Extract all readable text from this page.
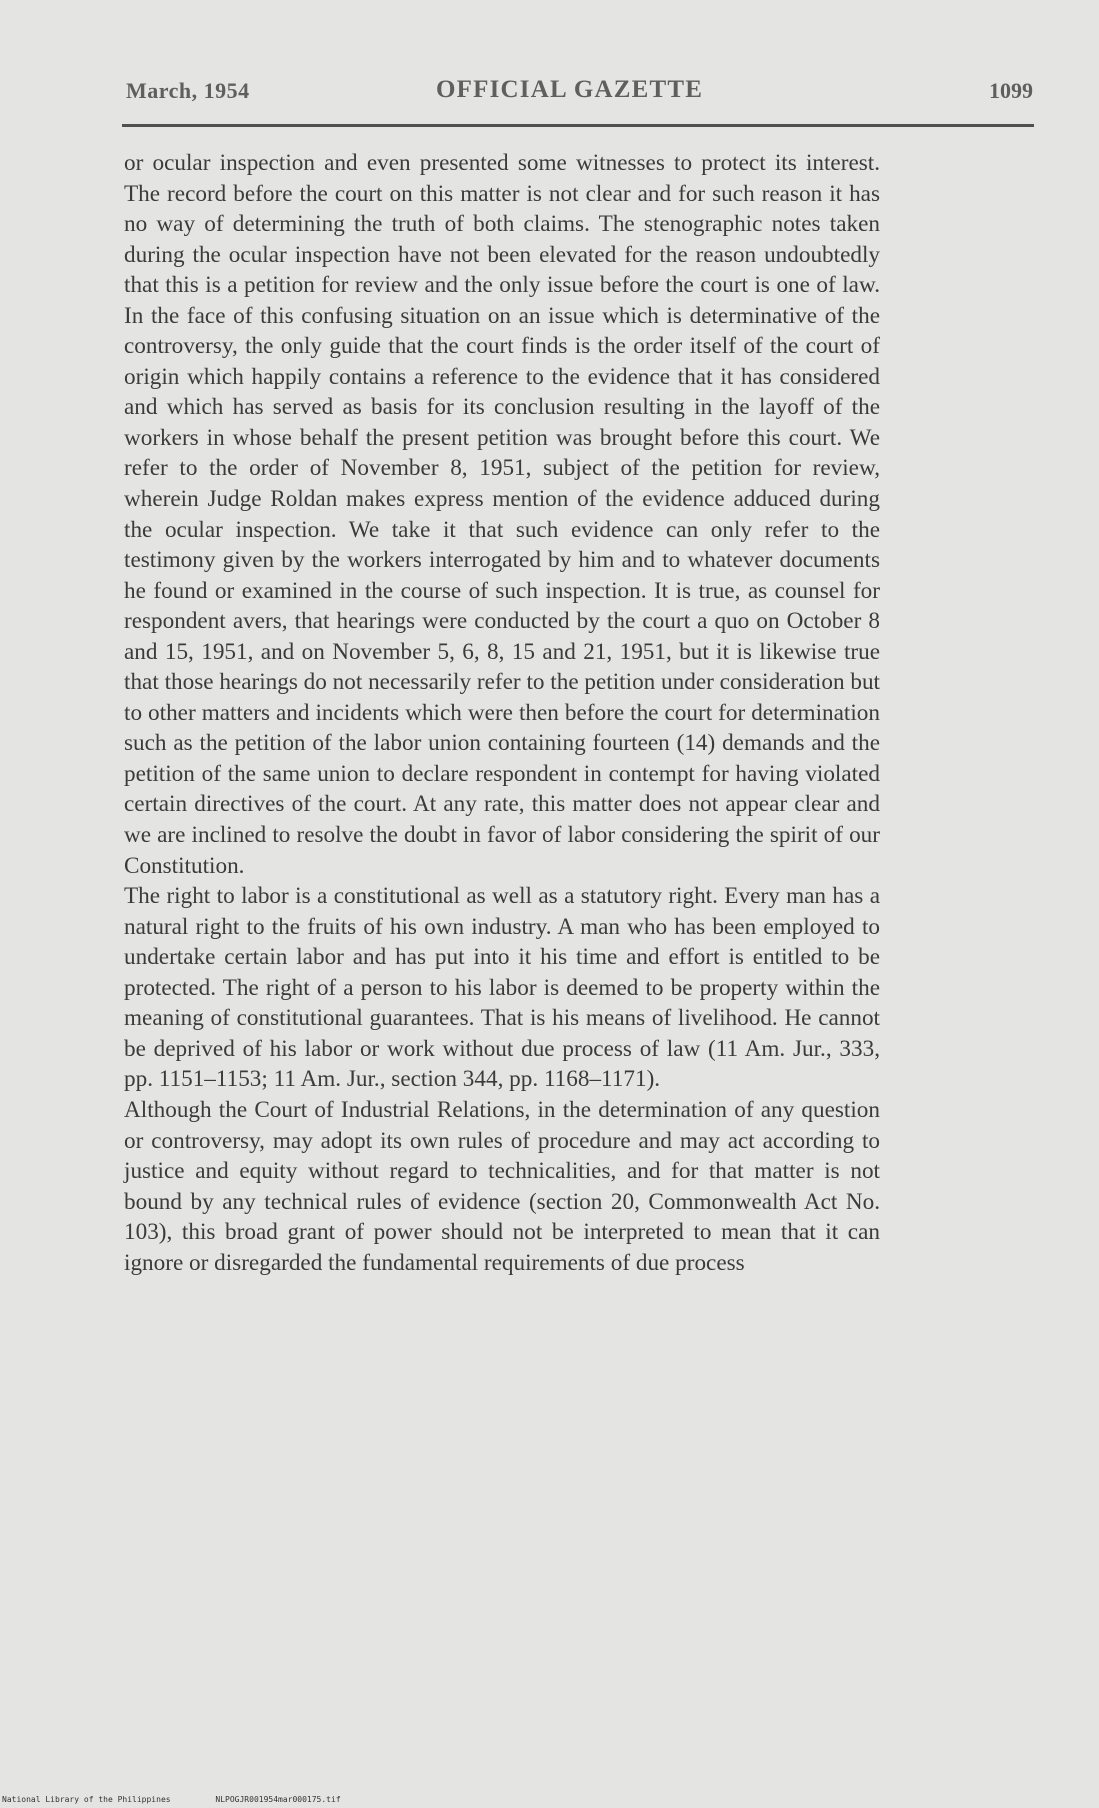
March, 1954	OFFICIAL GAZETTE	1099

or ocular inspection and even presented some witnesses to protect its interest. The record before the court on this matter is not clear and for such reason it has no way of determining the truth of both claims. The stenographic notes taken during the ocular inspection have not been elevated for the reason undoubtedly that this is a petition for review and the only issue before the court is one of law. In the face of this confusing situation on an issue which is determinative of the controversy, the only guide that the court finds is the order itself of the court of origin which happily contains a reference to the evidence that it has considered and which has served as basis for its conclusion resulting in the layoff of the workers in whose behalf the present petition was brought before this court. We refer to the order of November 8, 1951, subject of the petition for review, wherein Judge Roldan makes express mention of the evidence adduced during the ocular inspection. We take it that such evidence can only refer to the testimony given by the workers interrogated by him and to whatever documents he found or examined in the course of such inspection. It is true, as counsel for respondent avers, that hearings were conducted by the court a quo on October 8 and 15, 1951, and on November 5, 6, 8, 15 and 21, 1951, but it is likewise true that those hearings do not necessarily refer to the petition under consideration but to other matters and incidents which were then before the court for determination such as the petition of the labor union containing fourteen (14) demands and the petition of the same union to declare respondent in contempt for having violated certain directives of the court. At any rate, this matter does not appear clear and we are inclined to resolve the doubt in favor of labor considering the spirit of our Constitution.

The right to labor is a constitutional as well as a statutory right. Every man has a natural right to the fruits of his own industry. A man who has been employed to undertake certain labor and has put into it his time and effort is entitled to be protected. The right of a person to his labor is deemed to be property within the meaning of constitutional guarantees. That is his means of livelihood. He cannot be deprived of his labor or work without due process of law (11 Am. Jur., 333, pp. 1151–1153; 11 Am. Jur., section 344, pp. 1168–1171).

Although the Court of Industrial Relations, in the determination of any question or controversy, may adopt its own rules of procedure and may act according to justice and equity without regard to technicalities, and for that matter is not bound by any technical rules of evidence (section 20, Commonwealth Act No. 103), this broad grant of power should not be interpreted to mean that it can ignore or disregarded the fundamental requirements of due process

National Library of the Philippines	NLPOGJR001954mar000175.tif
